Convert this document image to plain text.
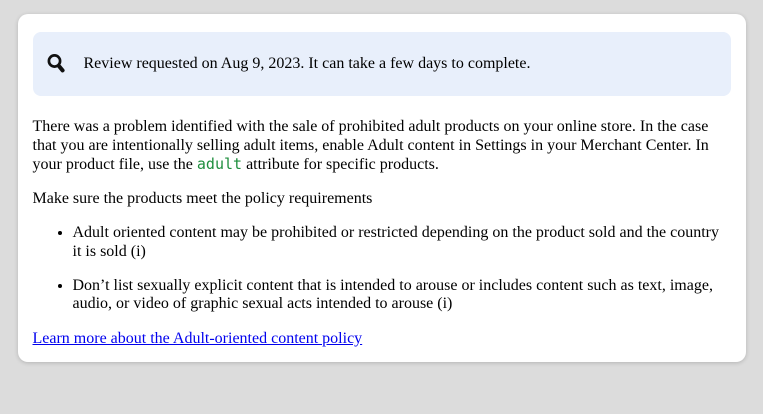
Review requested on Aug 9, 2023. It can take a few days to complete.

There was a problem identified with the sale of prohibited adult products on your online store. In the case that you are intentionally selling adult items, enable Adult content in Settings in your Merchant Center. In your product file, use the adult attribute for specific products.

Make sure the products meet the policy requirements

• Adult oriented content may be prohibited or restricted depending on the product sold and the country it is sold (i)
• Don’t list sexually explicit content that is intended to arouse or includes content such as text, image, audio, or video of graphic sexual acts intended to arouse (i)

Learn more about the Adult-oriented content policy
